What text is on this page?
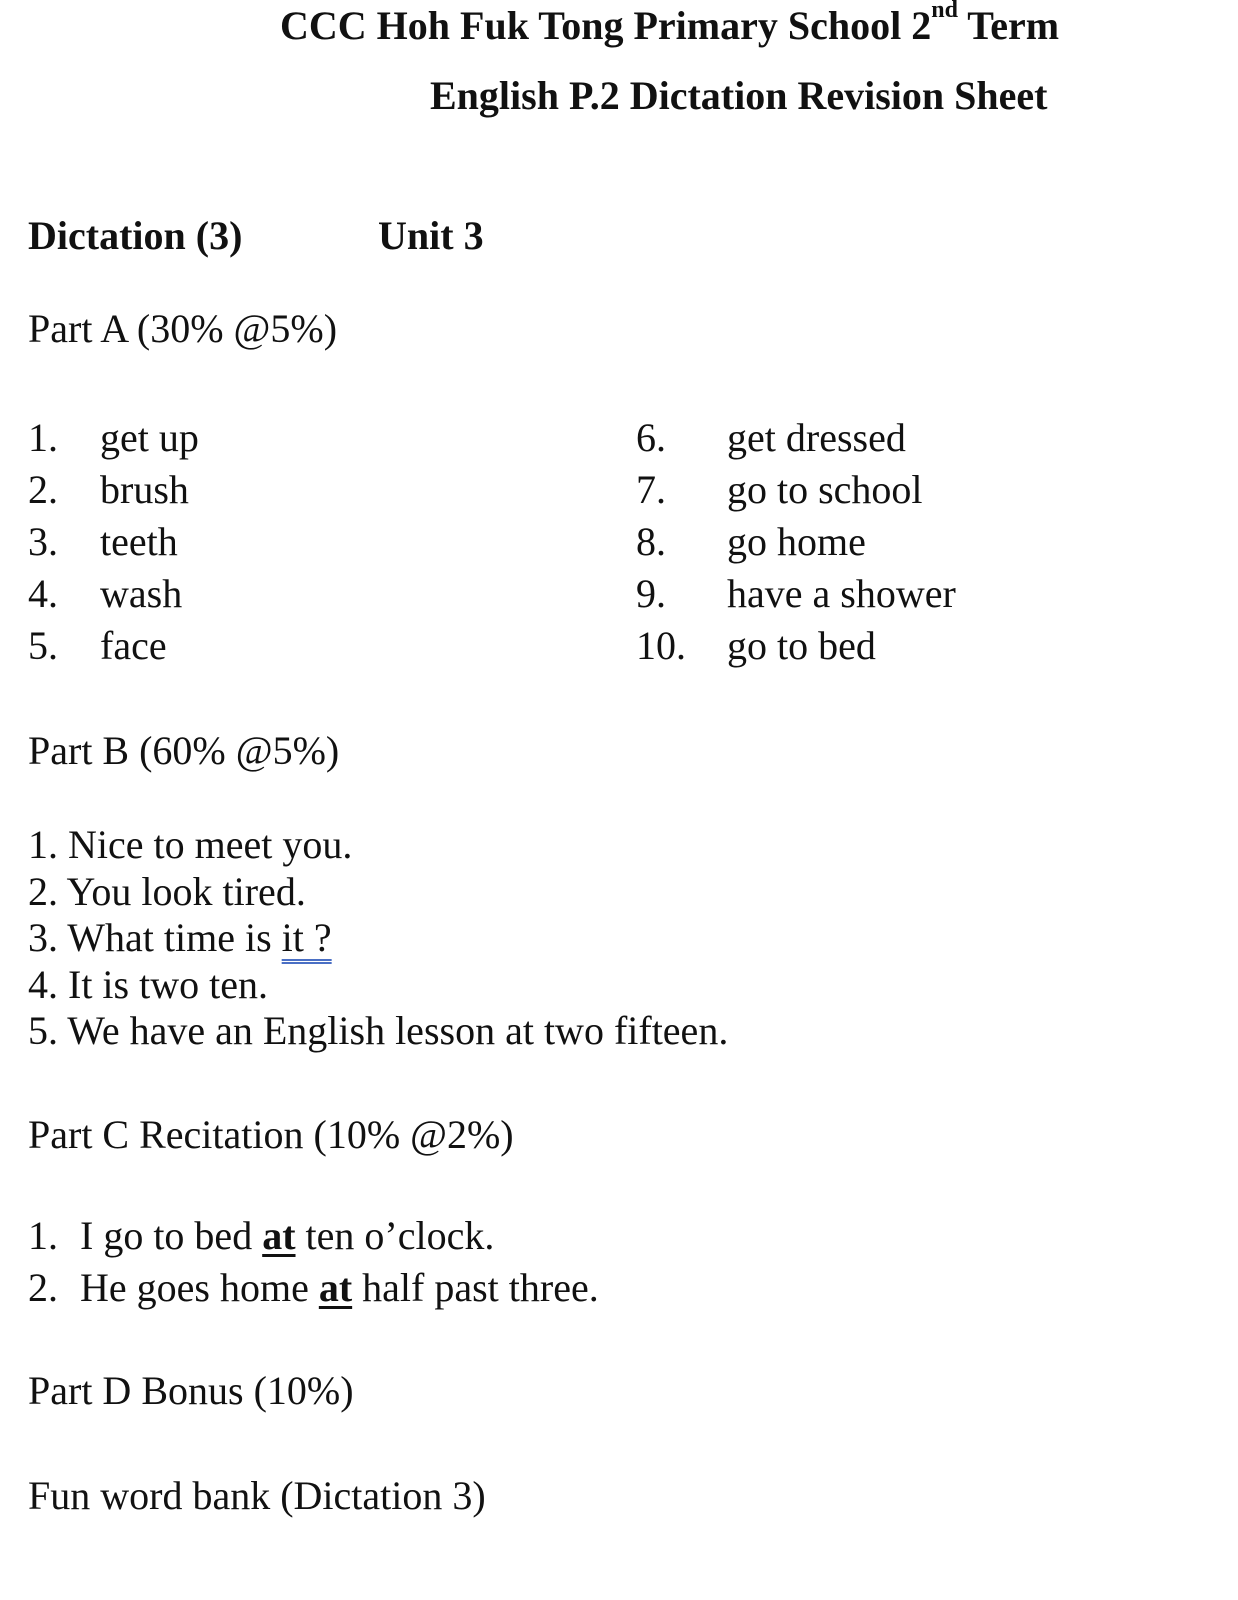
CCC Hoh Fuk Tong Primary School 2nd Term
English P.2 Dictation Revision Sheet
Dictation (3)	Unit 3
Part A (30% @5%)
1. get up
2. brush
3. teeth
4. wash
5. face
6. get dressed
7. go to school
8. go home
9. have a shower
10. go to bed
Part B (60% @5%)
1. Nice to meet you.
2. You look tired.
3. What time is it ?
4. It is two ten.
5. We have an English lesson at two fifteen.
Part C Recitation (10% @2%)
1. I go to bed at ten o’clock.
2. He goes home at half past three.
Part D Bonus (10%)
Fun word bank (Dictation 3)
